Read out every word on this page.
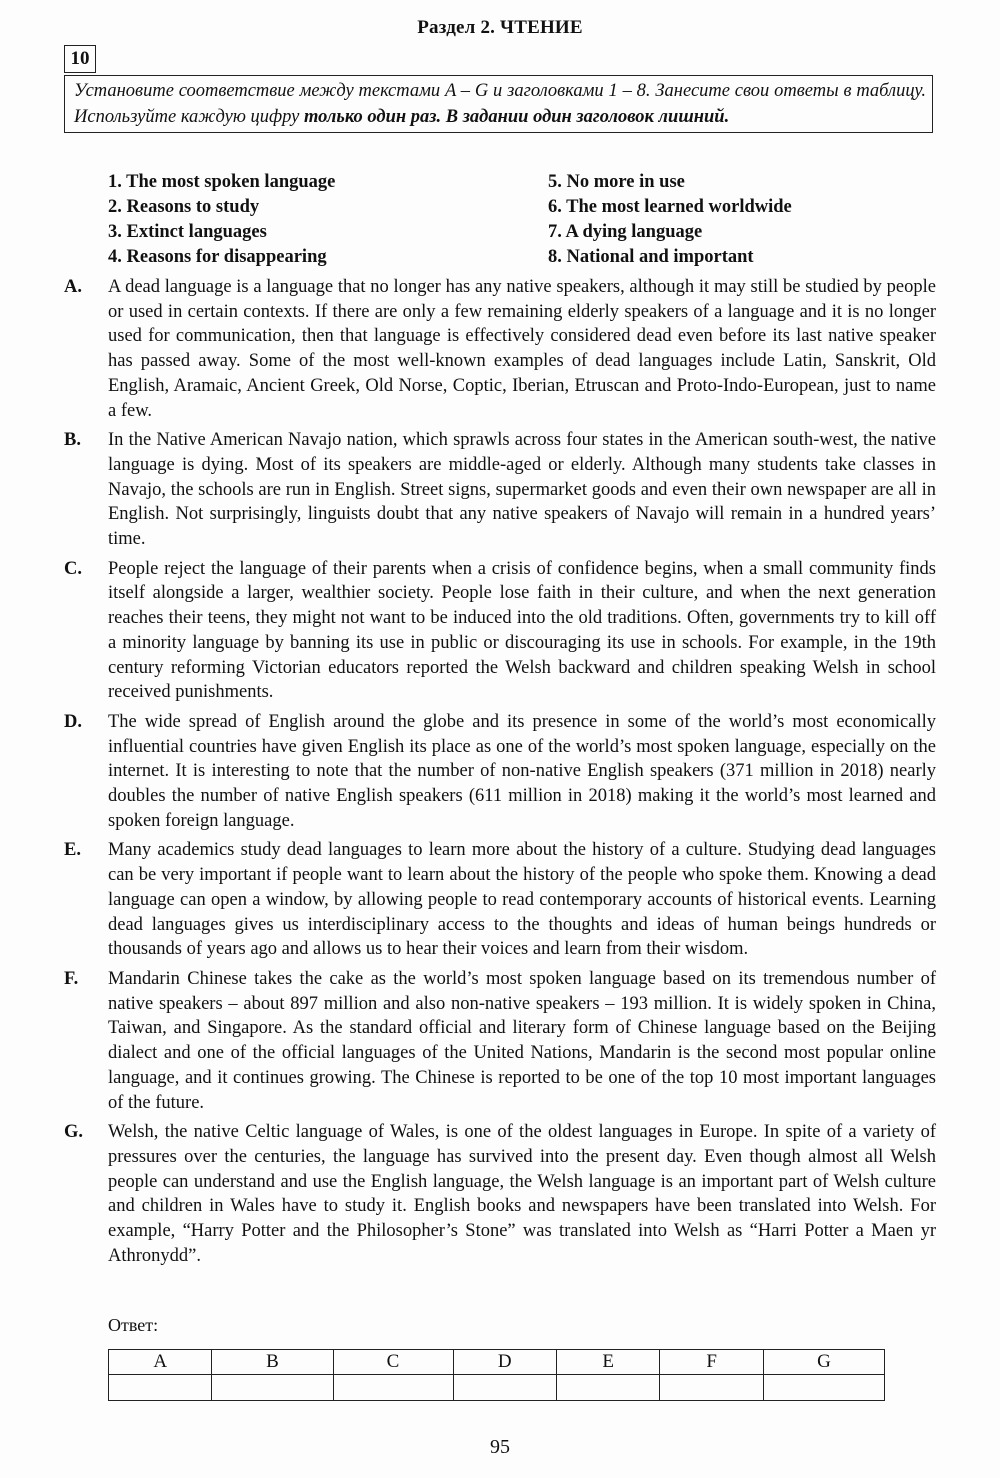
Раздел 2. ЧТЕНИЕ
10
Установите соответствие между текстами A – G и заголовками 1 – 8. Занесите свои ответы в таблицу. Используйте каждую цифру только один раз. В задании один заголовок лишний.
1. The most spoken language	5. No more in use
2. Reasons to study	6. The most learned worldwide
3. Extinct languages	7. A dying language
4. Reasons for disappearing	8. National and important
A.	A dead language is a language that no longer has any native speakers, although it may still be studied by people or used in certain contexts. If there are only a few remaining elderly speakers of a language and it is no longer used for communication, then that language is effectively considered dead even before its last native speaker has passed away. Some of the most well-known examples of dead languages include Latin, Sanskrit, Old English, Aramaic, Ancient Greek, Old Norse, Coptic, Iberian, Etruscan and Proto-Indo-European, just to name a few.
B.	In the Native American Navajo nation, which sprawls across four states in the American south-west, the native language is dying. Most of its speakers are middle-aged or elderly. Although many students take classes in Navajo, the schools are run in English. Street signs, supermarket goods and even their own newspaper are all in English. Not surprisingly, linguists doubt that any native speakers of Navajo will remain in a hundred years’ time.
C.	People reject the language of their parents when a crisis of confidence begins, when a small community finds itself alongside a larger, wealthier society. People lose faith in their culture, and when the next generation reaches their teens, they might not want to be induced into the old traditions. Often, governments try to kill off a minority language by banning its use in public or discouraging its use in schools. For example, in the 19th century reforming Victorian educators reported the Welsh backward and children speaking Welsh in school received punishments.
D.	The wide spread of English around the globe and its presence in some of the world’s most economically influential countries have given English its place as one of the world’s most spoken language, especially on the internet. It is interesting to note that the number of non-native English speakers (371 million in 2018) nearly doubles the number of native English speakers (611 million in 2018) making it the world’s most learned and spoken foreign language.
E.	Many academics study dead languages to learn more about the history of a culture. Studying dead languages can be very important if people want to learn about the history of the people who spoke them. Knowing a dead language can open a window, by allowing people to read contemporary accounts of historical events. Learning dead languages gives us interdisciplinary access to the thoughts and ideas of human beings hundreds or thousands of years ago and allows us to hear their voices and learn from their wisdom.
F.	Mandarin Chinese takes the cake as the world’s most spoken language based on its tremendous number of native speakers – about 897 million and also non-native speakers – 193 million. It is widely spoken in China, Taiwan, and Singapore. As the standard official and literary form of Chinese language based on the Beijing dialect and one of the official languages of the United Nations, Mandarin is the second most popular online language, and it continues growing. The Chinese is reported to be one of the top 10 most important languages of the future.
G.	Welsh, the native Celtic language of Wales, is one of the oldest languages in Europe. In spite of a variety of pressures over the centuries, the language has survived into the present day. Even though almost all Welsh people can understand and use the English language, the Welsh language is an important part of Welsh culture and children in Wales have to study it. English books and newspapers have been translated into Welsh. For example, “Harry Potter and the Philosopher’s Stone” was translated into Welsh as “Harri Potter a Maen yr Athronydd”.
Ответ:
A	B	C	D	E	F	G

95
